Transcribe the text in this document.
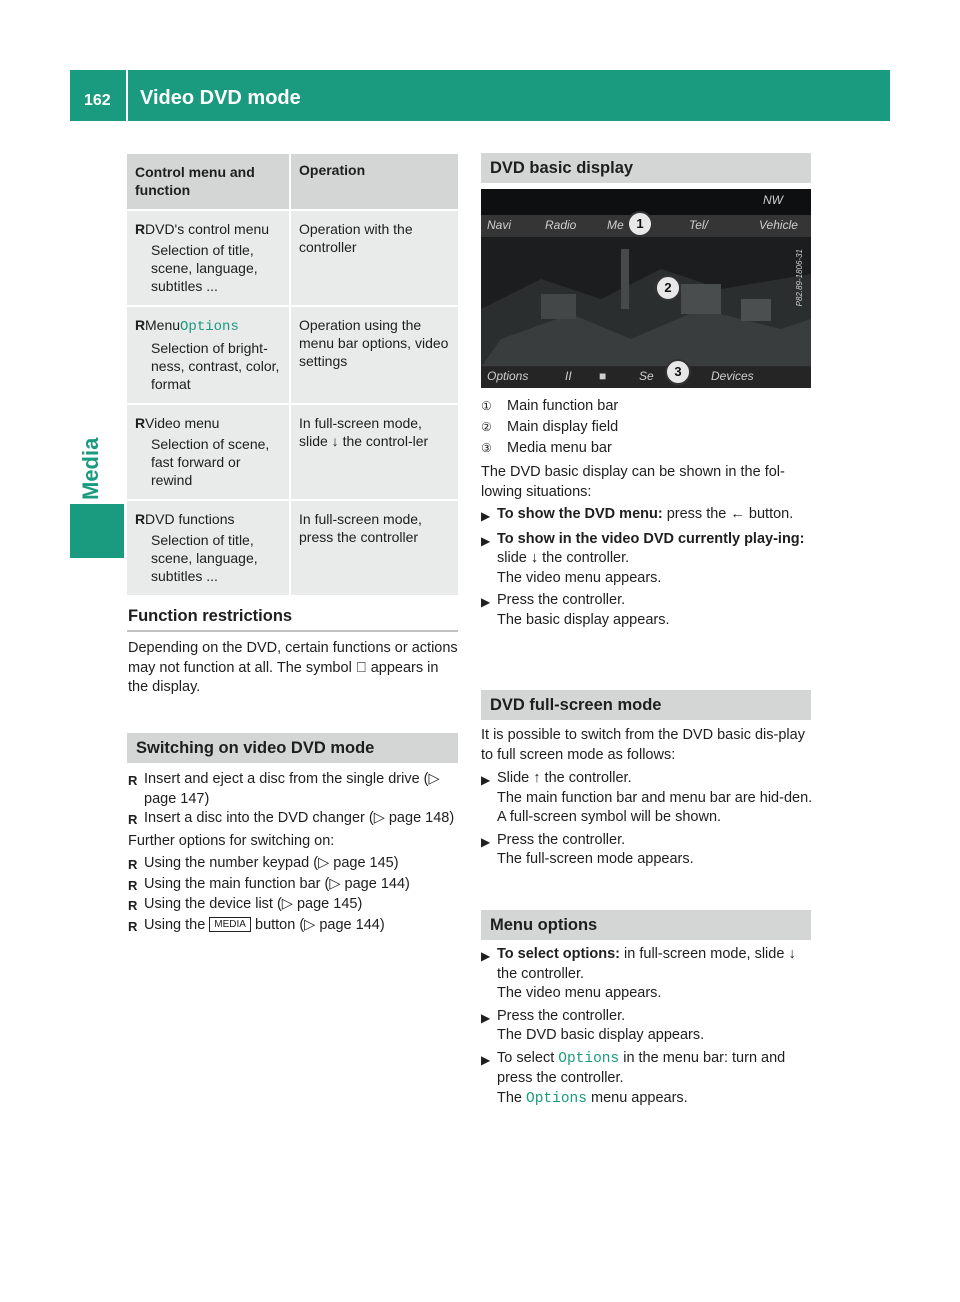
162 Video DVD mode
Media
Control menu and function	Operation

R DVD's control menu
Selection of title, scene, language, subtitles ...	Operation with the controller

R MenuOptions
Selection of bright-ness, contrast, color, format	Operation using the menu bar options, video settings

R Video menu
Selection of scene, fast forward or rewind	In full-screen mode, slide ↓ the control-ler

R DVD functions
Selection of title, scene, language, subtitles ...	In full-screen mode, press the controller
Function restrictions
Depending on the DVD, certain functions or actions may not function at all. The symbol ⃠ appears in the display.
Switching on video DVD mode
R Insert and eject a disc from the single drive (▷ page 147)
R Insert a disc into the DVD changer (▷ page 148)
Further options for switching on:
R Using the number keypad (▷ page 145)
R Using the main function bar (▷ page 144)
R Using the device list (▷ page 145)
R Using the MEDIA button (▷ page 144)
DVD basic display
NW
Navi	Radio	Me	Tel/	Vehicle
Options	II ■	Se	Devices
P82.89-1806-31
1
2
3
① Main function bar
② Main display field
③ Media menu bar
The DVD basic display can be shown in the fol-lowing situations:
▶ To show the DVD menu: press the ← button.
▶ To show in the video DVD currently play-ing: slide ↓ the controller.
The video menu appears.
▶ Press the controller.
The basic display appears.
DVD full-screen mode
It is possible to switch from the DVD basic dis-play to full screen mode as follows:
▶ Slide ↑ the controller.
The main function bar and menu bar are hid-den. A full-screen symbol will be shown.
▶ Press the controller.
The full-screen mode appears.
Menu options
▶ To select options: in full-screen mode, slide ↓ the controller.
The video menu appears.
▶ Press the controller.
The DVD basic display appears.
▶ To select Options in the menu bar: turn and press the controller.
The Options menu appears.
